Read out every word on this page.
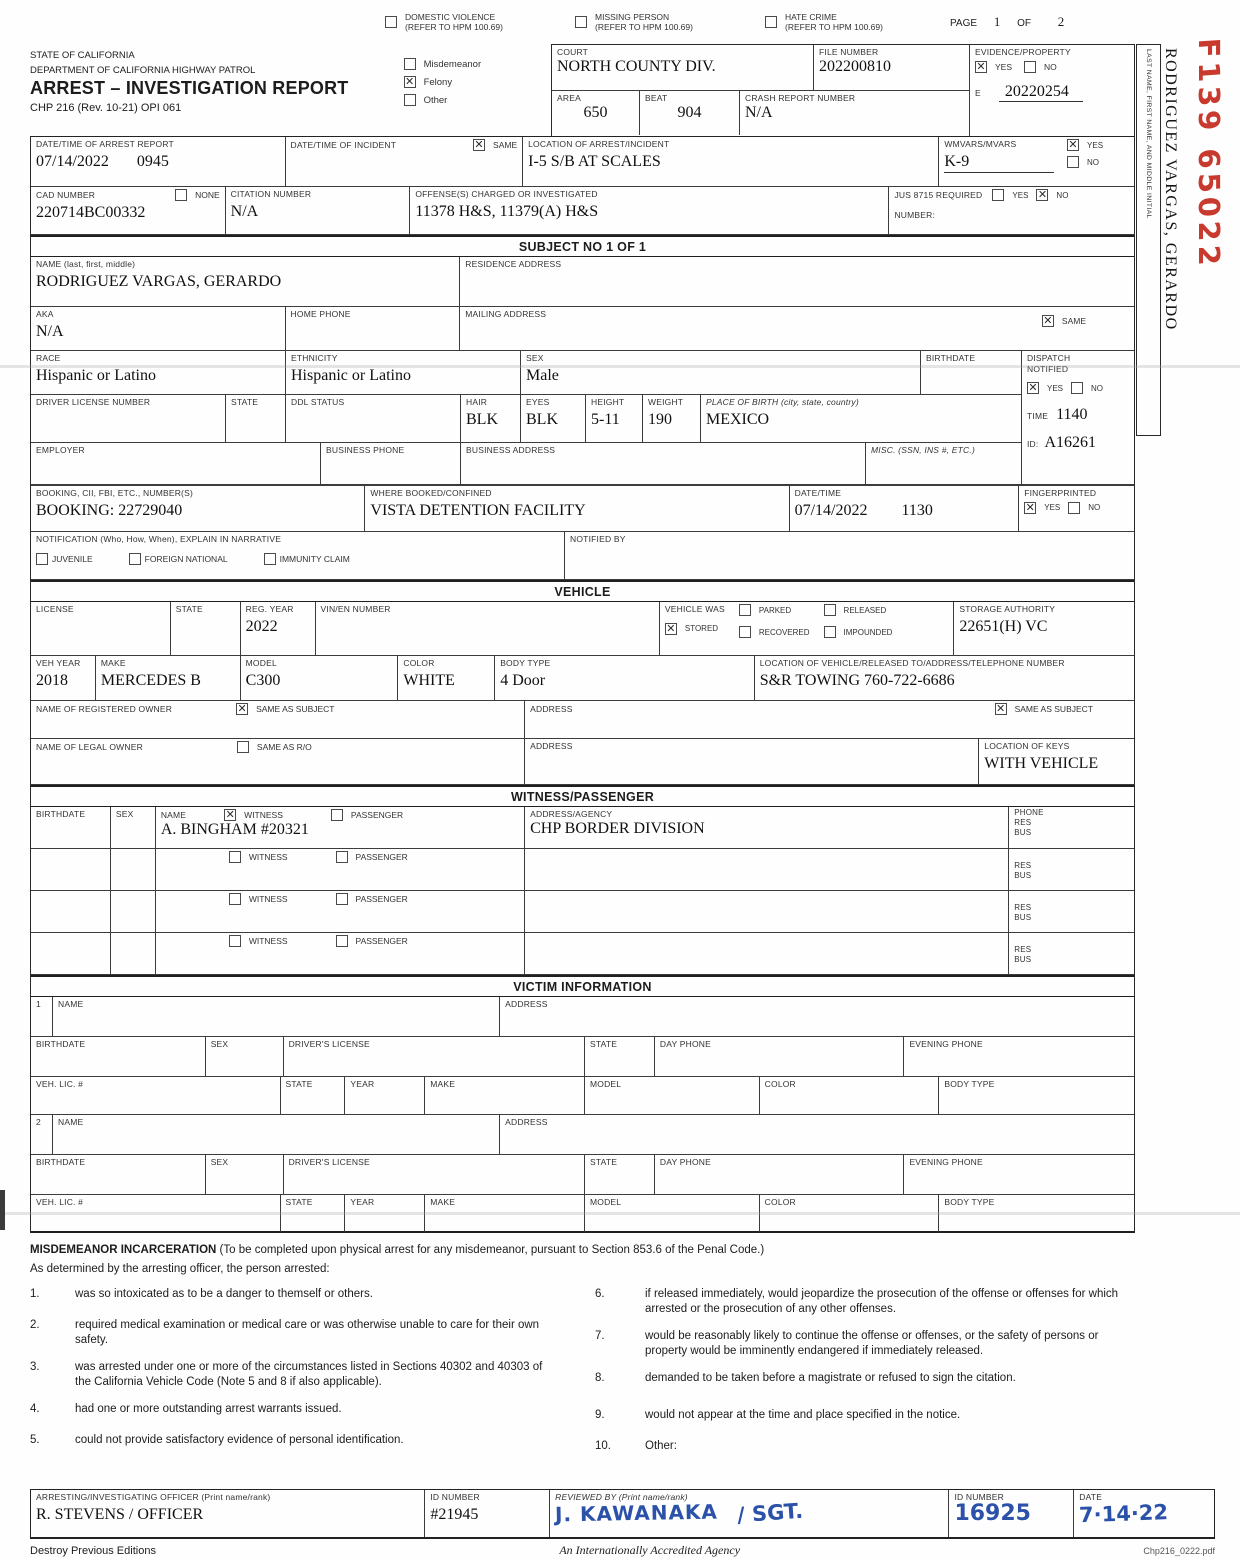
DOMESTIC VIOLENCE
(REFER TO HPM 100.69)
MISSING PERSON
(REFER TO HPM 100.69)
HATE CRIME
(REFER TO HPM 100.69)	PAGE 1 OF 2
STATE OF CALIFORNIA
DEPARTMENT OF CALIFORNIA HIGHWAY PATROL
ARREST – INVESTIGATION REPORT
CHP 216 (Rev. 10-21) OPI 061
Misdemeanor
✕
Felony
Other
COURT
NORTH COUNTY DIV.
FILE NUMBER
202200810
AREA
650
BEAT
904
CRASH REPORT NUMBER
N/A
EVIDENCE/PROPERTY
✕
YES	NO
E	20220254
DATE/TIME OF ARREST REPORT
07/14/2022 0945
DATE/TIME OF INCIDENT ✕	SAME LOCATION OF ARREST/INCIDENT
I-5 S/B AT SCALES
WMVARS/MVARS
K-9
✕
YES
NO
CAD NUMBER	NONE
220714BC00332
CITATION NUMBER
N/A
OFFENSE(S) CHARGED OR INVESTIGATED
11378 H&S, 11379(A) H&S
JUS 8715 REQUIRED	YES ✕	NO
NUMBER:
SUBJECT NO 1 OF 1
NAME (last, first, middle)
RODRIGUEZ VARGAS, GERARDO
RESIDENCE ADDRESS
AKA
N/A
HOME PHONE	MAILING ADDRESS
✕
SAME
RACE
Hispanic or Latino
ETHNICITY
Hispanic or Latino
SEX
Male
BIRTHDATE
DRIVER LICENSE NUMBER	STATE	DDL STATUS	HAIR
BLK
EYES
BLK
HEIGHT
5-11
WEIGHT
190
PLACE OF BIRTH (city, state, country)
MEXICO
EMPLOYER	BUSINESS PHONE	BUSINESS ADDRESS	MISC. (SSN, INS #, ETC.)
DISPATCH NOTIFIED
✕
YES	NO
TIME 1140
ID: A16261
BOOKING, CII, FBI, ETC., NUMBER(S)
BOOKING: 22729040
WHERE BOOKED/CONFINED
VISTA DETENTION FACILITY
DATE/TIME
07/14/2022 1130
FINGERPRINTED
✕
YES	NO
NOTIFICATION (Who, How, When), EXPLAIN IN NARRATIVE
JUVENILE	FOREIGN NATIONAL	IMMUNITY CLAIM
NOTIFIED BY
VEHICLE
LICENSE	STATE	REG. YEAR
2022
VIN/EN NUMBER	VEHICLE WAS
✕
STORED
PARKED
RECOVERED
RELEASED
IMPOUNDED
STORAGE AUTHORITY
22651(H) VC
VEH YEAR
2018
MAKE
MERCEDES B
MODEL
C300
COLOR
WHITE
BODY TYPE
4 Door
LOCATION OF VEHICLE/RELEASED TO/ADDRESS/TELEPHONE NUMBER
S&R TOWING 760-722-6686
NAME OF REGISTERED OWNER ✕	SAME AS SUBJECT	ADDRESS ✕	SAME AS SUBJECT
NAME OF LEGAL OWNER	SAME AS R/O	ADDRESS	LOCATION OF KEYS
WITH VEHICLE
WITNESS/PASSENGER
BIRTHDATE	SEX	NAME ✕	WITNESS	PASSENGER
A. BINGHAM #20321
ADDRESS/AGENCY
CHP BORDER DIVISION
PHONE
RES
BUS
WITNESS	PASSENGER
RES
BUS
WITNESS	PASSENGER
RES
BUS
WITNESS	PASSENGER
RES
BUS
VICTIM INFORMATION
1	NAME	ADDRESS
BIRTHDATE	SEX	DRIVER'S LICENSE	STATE	DAY PHONE	EVENING PHONE
VEH. LIC. #	STATE	YEAR	MAKE	MODEL	COLOR	BODY TYPE
2	NAME	ADDRESS
BIRTHDATE	SEX	DRIVER'S LICENSE	STATE	DAY PHONE	EVENING PHONE
VEH. LIC. #	STATE	YEAR	MAKE	MODEL	COLOR	BODY TYPE
MISDEMEANOR INCARCERATION (To be completed upon physical arrest for any misdemeanor, pursuant to Section 853.6 of the Penal Code.)
As determined by the arresting officer, the person arrested:
1.	was so intoxicated as to be a danger to themself or others.
2.	required medical examination or medical care or was otherwise unable to care for their own safety.
3.	was arrested under one or more of the circumstances listed in Sections 40302 and 40303 of the California Vehicle Code (Note 5 and 8 if also applicable).
4.	had one or more outstanding arrest warrants issued.
5.	could not provide satisfactory evidence of personal identification.
6.	if released immediately, would jeopardize the prosecution of the offense or offenses for which arrested or the prosecution of any other offenses.
7.	would be reasonably likely to continue the offense or offenses, or the safety of persons or property would be imminently endangered if immediately released.
8.	demanded to be taken before a magistrate or refused to sign the citation.
9.	would not appear at the time and place specified in the notice.
10.	Other:
ARRESTING/INVESTIGATING OFFICER (Print name/rank)
R. STEVENS / OFFICER
ID NUMBER
#21945
REVIEWED BY (Print name/rank)
J. KAWANAKA / SGT.
ID NUMBER
16925
DATE
7·14·22
Destroy Previous Editions	An Internationally Accredited Agency	Chp216_0222.pdf
LAST NAME, FIRST NAME, AND MIDDLE INITIAL RODRIGUEZ VARGAS, GERARDO F139 65022
